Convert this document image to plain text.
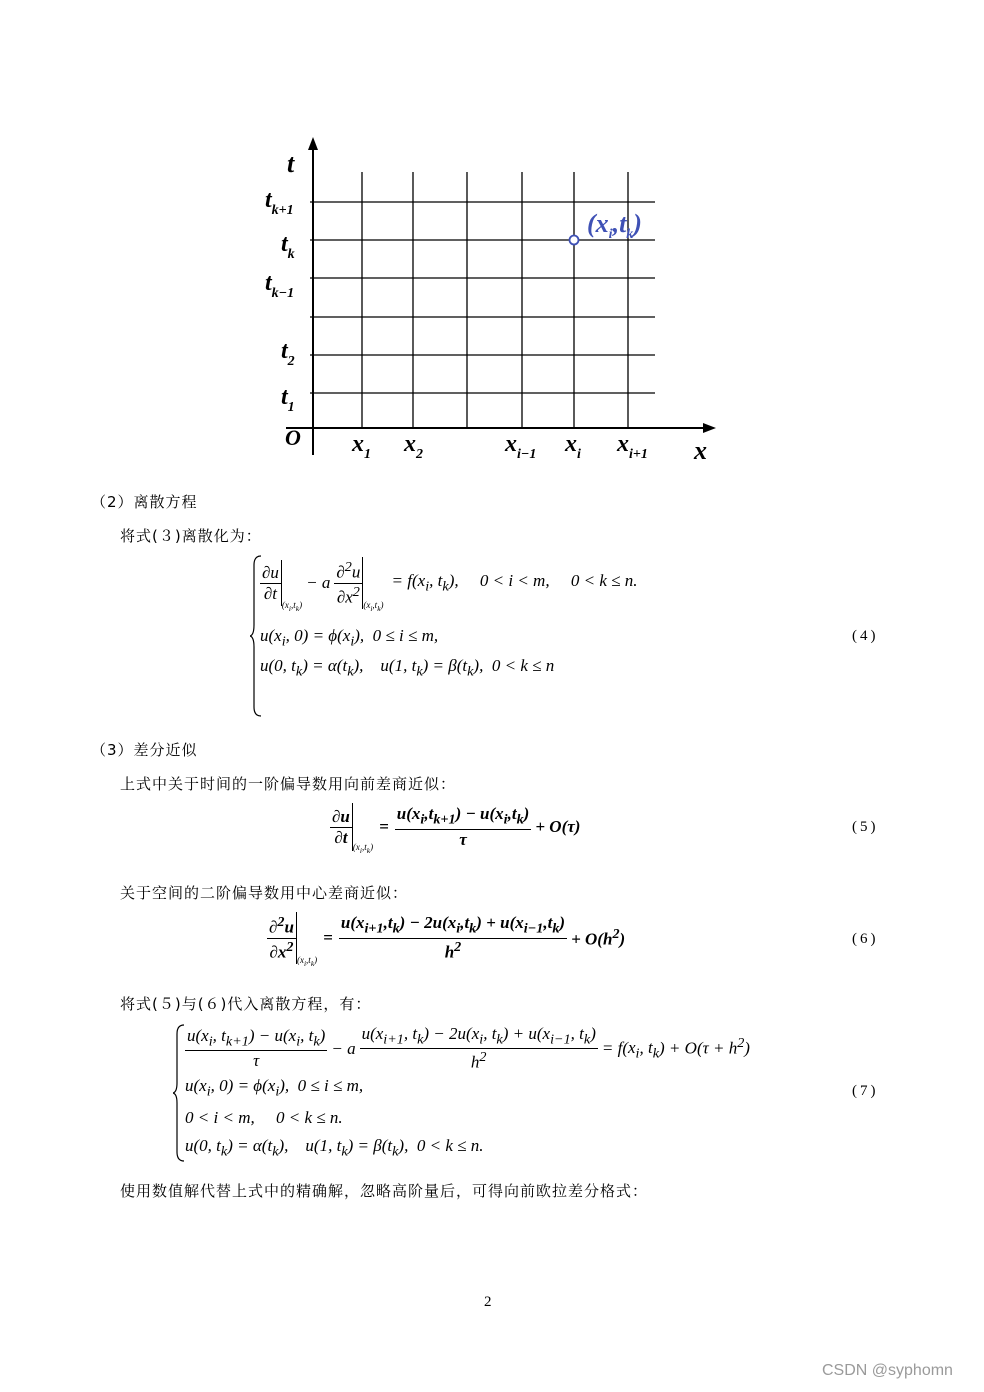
t
x
O
$t_{k+1}$
$t_k$
$t_{k-1}$
$t_2$
$t_1$
$x_1$ $x_2$	$x_{i-1}$ $x_i$ $x_{i+1}$
$(x_i,t_k)$
（2）离散方程
将式(３)离散化为：
$\frac{\partial u}{\partial t}$
$(x_i,t_k)$
− a $\frac{\partial^2u}{\partial x^2} (x_i,t_k)$
= $f(x_i$, $t_k$),     0 < i < m,     0 < k ≤ n.
$u(x_i$, $0) = \phi(x_i)$,  0 ≤ i ≤ m,
u(0, $t_k) = \alpha(t_k)$,    u(1, $t_k) = \beta(t_k)$,  0 < k ≤ n
(4)
（3）差分近似
上式中关于时间的一阶偏导数用向前差商近似：
$\frac{\partial u}{\partial t} (x_i,t_k)$
= $\frac{u(x_i,t_{k+1}) - u(x_i,t_k)}{\tau} + O(\tau)$	(5)
关于空间的二阶偏导数用中心差商近似：
$\frac{\partial^2u}{\partial x^2} (x_i,t_k)$
= $\frac{u(x_{i+1},t_k) - 2u(x_i,t_k) + u(x_{i-1},t_k)}{h^2} + O(h^2)$	(6)
将式(５)与(６)代入离散方程，有：
$\frac{u(x_i, t_{k+1}) - u(x_i, t_k)}{\tau} - a \frac{u(x_{i+1}, t_k) - 2u(x_i, t_k) + u(x_{i-1}, t_k)}{h^2} = f(x_i$, $t_k) + O(\tau + h^2)$
$u(x_i$, $0) = \phi(x_i)$,  0 ≤ i ≤ m,
0 < i < m,     0 < k ≤ n.
u(0, $t_k) = \alpha(t_k)$,    u(1, $t_k) = \beta(t_k)$,  0 < k ≤ n.
(7)
使用数值解代替上式中的精确解，忽略高阶量后，可得向前欧拉差分格式：
2
CSDN @syphomn
